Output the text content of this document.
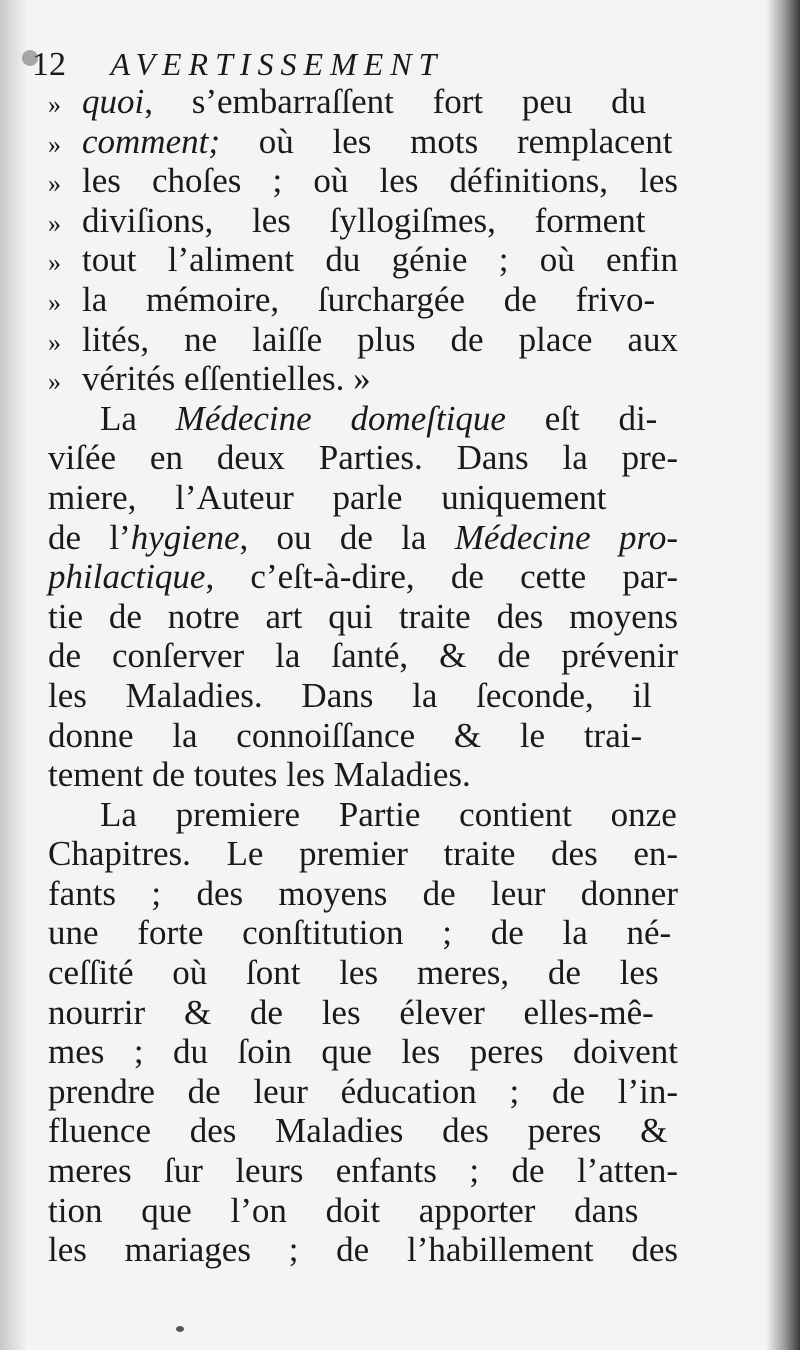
12 AVERTISSEMENT
» quoi, s’embarraſſent fort peu du
» comment; où les mots remplacent
» les choſes ; où les définitions, les
» diviſions, les ſyllogiſmes, forment
» tout l’aliment du génie ; où enfin
» la mémoire, ſurchargée de frivo-
» lités, ne laiſſe plus de place aux
» vérités eſſentielles. »
La Médecine domeſtique eſt di-
viſée en deux Parties. Dans la pre-
miere, l’Auteur parle uniquement
de l’hygiene, ou de la Médecine pro-
philactique, c’eſt-à-dire, de cette par-
tie de notre art qui traite des moyens
de conſerver la ſanté, & de prévenir
les Maladies. Dans la ſeconde, il
donne la connoiſſance & le trai-
tement de toutes les Maladies.
La premiere Partie contient onze
Chapitres. Le premier traite des en-
fants ; des moyens de leur donner
une forte conſtitution ; de la né-
ceſſité où ſont les meres, de les
nourrir & de les élever elles-mê-
mes ; du ſoin que les peres doivent
prendre de leur éducation ; de l’in-
fluence des Maladies des peres &
meres ſur leurs enfants ; de l’atten-
tion que l’on doit apporter dans
les mariages ; de l’habillement des
